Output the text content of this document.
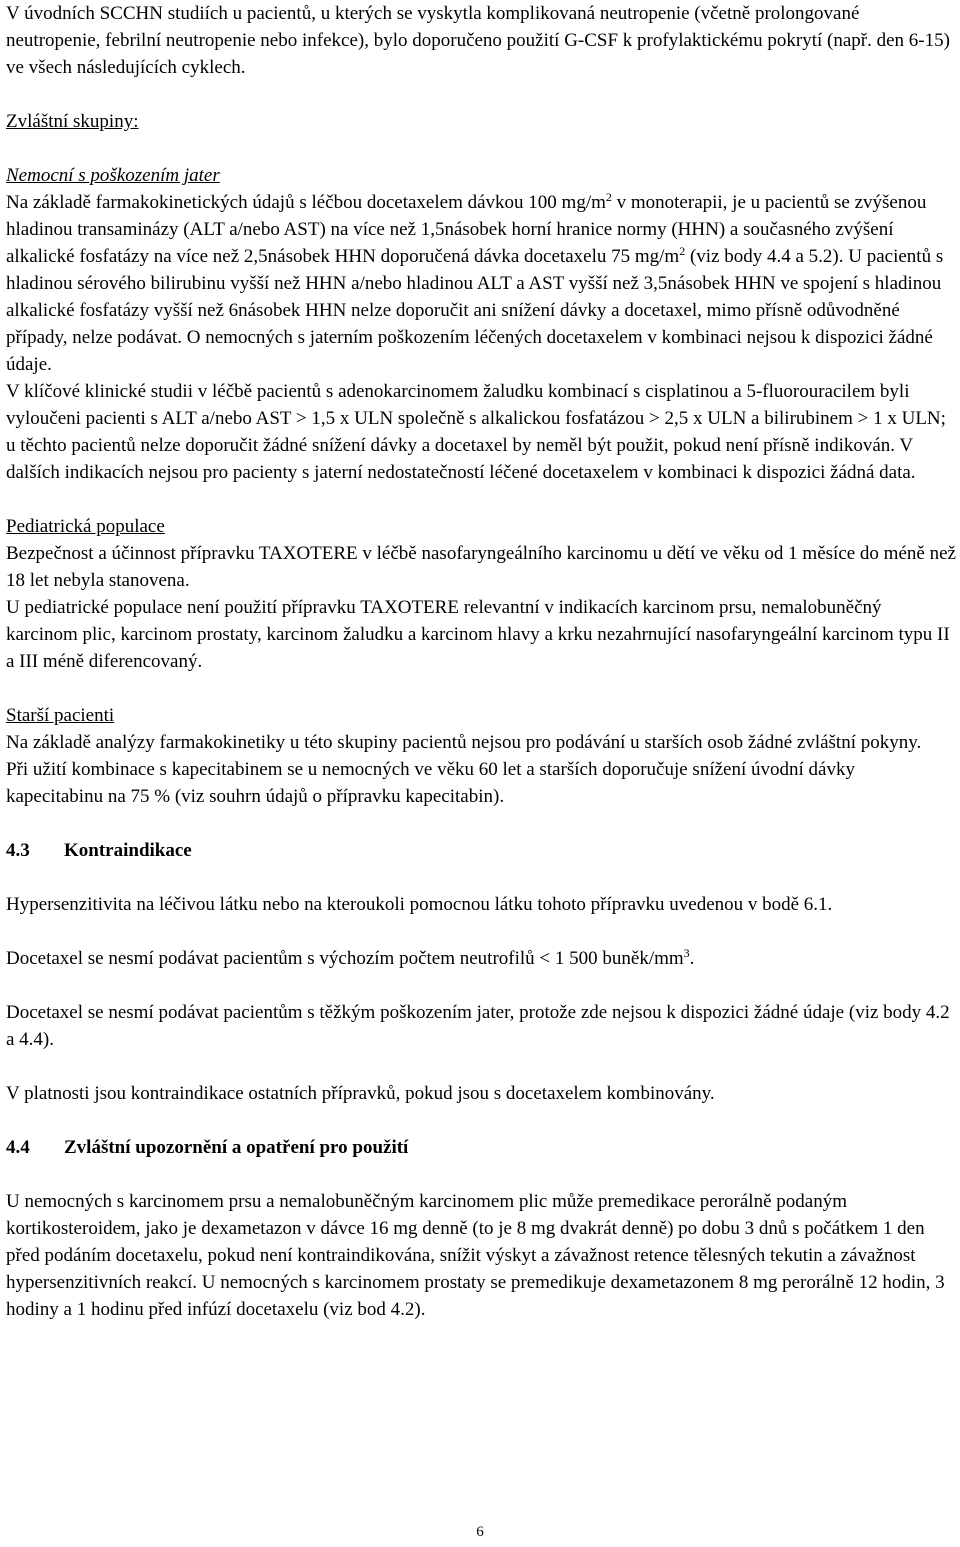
V úvodních SCCHN studiích u pacientů, u kterých se vyskytla komplikovaná neutropenie (včetně prolongované neutropenie, febrilní neutropenie nebo infekce), bylo doporučeno použití G-CSF k profylaktickému pokrytí (např. den 6-15) ve všech následujících cyklech.

Zvláštní skupiny:

Nemocní s poškozením jater

Na základě farmakokinetických údajů s léčbou docetaxelem dávkou 100 $mg/m^2$ v monoterapii, je u pacientů se zvýšenou hladinou transaminázy (ALT a/nebo AST) na více než 1,5násobek horní hranice normy (HHN) a současného zvýšení alkalické fosfatázy na více než 2,5násobek HHN doporučená dávka docetaxelu 75 $mg/m^2$ (viz body 4.4 a 5.2). U pacientů s hladinou sérového bilirubinu vyšší než HHN a/nebo hladinou ALT a AST vyšší než 3,5násobek HHN ve spojení s hladinou alkalické fosfatázy vyšší než 6násobek HHN nelze doporučit ani snížení dávky a docetaxel, mimo přísně odůvodněné případy, nelze podávat. O nemocných s jaterním poškozením léčených docetaxelem v kombinaci nejsou k dispozici žádné údaje.

V klíčové klinické studii v léčbě pacientů s adenokarcinomem žaludku kombinací s cisplatinou a 5-fluorouracilem byli vyloučeni pacienti s ALT a/nebo AST > 1,5 x ULN společně s alkalickou fosfatázou > 2,5 x ULN a bilirubinem > 1 x ULN; u těchto pacientů nelze doporučit žádné snížení dávky a docetaxel by neměl být použit, pokud není přísně indikován. V dalších indikacích nejsou pro pacienty s jaterní nedostatečností léčené docetaxelem v kombinaci k dispozici žádná data.

Pediatrická populace

Bezpečnost a účinnost přípravku TAXOTERE v léčbě nasofaryngeálního karcinomu u dětí ve věku od 1 měsíce do méně než 18 let nebyla stanovena.

U pediatrické populace není použití přípravku TAXOTERE relevantní v indikacích karcinom prsu, nemalobuněčný karcinom plic, karcinom prostaty, karcinom žaludku a karcinom hlavy a krku nezahrnující nasofaryngeální karcinom typu II a III méně diferencovaný.

Starší pacienti

Na základě analýzy farmakokinetiky u této skupiny pacientů nejsou pro podávání u starších osob žádné zvláštní pokyny.

Při užití kombinace s kapecitabinem se u nemocných ve věku 60 let a starších doporučuje snížení úvodní dávky kapecitabinu na 75 % (viz souhrn údajů o přípravku kapecitabin).

4.3 Kontraindikace

Hypersenzitivita na léčivou látku nebo na kteroukoli pomocnou látku tohoto přípravku uvedenou v bodě 6.1.

Docetaxel se nesmí podávat pacientům s výchozím počtem neutrofilů < 1 500 buněk/$mm^3$.

Docetaxel se nesmí podávat pacientům s těžkým poškozením jater, protože zde nejsou k dispozici žádné údaje (viz body 4.2 a 4.4).

V platnosti jsou kontraindikace ostatních přípravků, pokud jsou s docetaxelem kombinovány.

4.4 Zvláštní upozornění a opatření pro použití

U nemocných s karcinomem prsu a nemalobuněčným karcinomem plic může premedikace perorálně podaným kortikosteroidem, jako je dexametazon v dávce 16 mg denně (to je 8 mg dvakrát denně) po dobu 3 dnů s počátkem 1 den před podáním docetaxelu, pokud není kontraindikována, snížit výskyt a závažnost retence tělesných tekutin a závažnost hypersenzitivních reakcí. U nemocných s karcinomem prostaty se premedikuje dexametazonem 8 mg perorálně 12 hodin, 3 hodiny a 1 hodinu před infúzí docetaxelu (viz bod 4.2).

6
